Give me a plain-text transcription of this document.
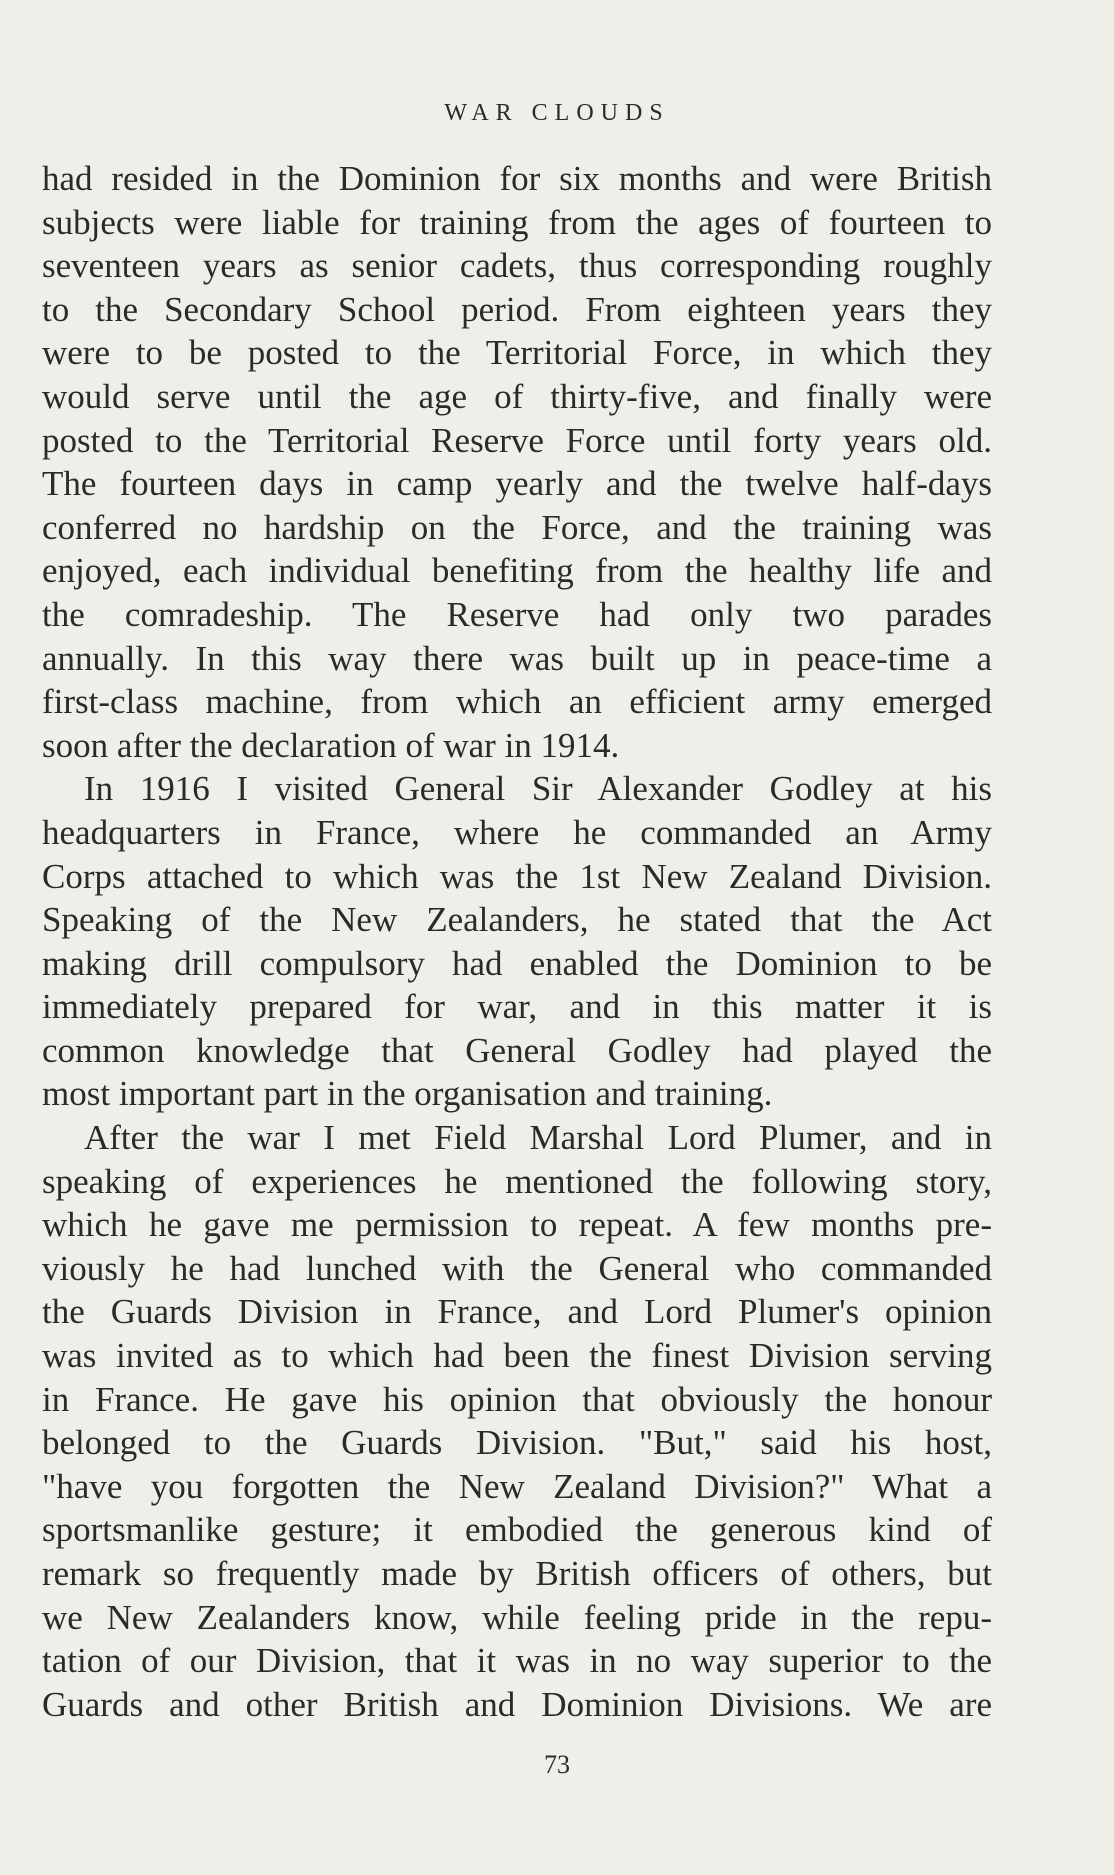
WAR CLOUDS
had resided in the Dominion for six months and were British
subjects were liable for training from the ages of fourteen to
seventeen years as senior cadets, thus corresponding roughly
to the Secondary School period. From eighteen years they
were to be posted to the Territorial Force, in which they
would serve until the age of thirty-five, and finally were
posted to the Territorial Reserve Force until forty years old.
The fourteen days in camp yearly and the twelve half-days
conferred no hardship on the Force, and the training was
enjoyed, each individual benefiting from the healthy life and
the comradeship. The Reserve had only two parades
annually. In this way there was built up in peace-time a
first-class machine, from which an efficient army emerged
soon after the declaration of war in 1914.
In 1916 I visited General Sir Alexander Godley at his
headquarters in France, where he commanded an Army
Corps attached to which was the 1st New Zealand Division.
Speaking of the New Zealanders, he stated that the Act
making drill compulsory had enabled the Dominion to be
immediately prepared for war, and in this matter it is
common knowledge that General Godley had played the
most important part in the organisation and training.
After the war I met Field Marshal Lord Plumer, and in
speaking of experiences he mentioned the following story,
which he gave me permission to repeat. A few months pre-
viously he had lunched with the General who commanded
the Guards Division in France, and Lord Plumer's opinion
was invited as to which had been the finest Division serving
in France. He gave his opinion that obviously the honour
belonged to the Guards Division. "But," said his host,
"have you forgotten the New Zealand Division?" What a
sportsmanlike gesture; it embodied the generous kind of
remark so frequently made by British officers of others, but
we New Zealanders know, while feeling pride in the repu-
tation of our Division, that it was in no way superior to the
Guards and other British and Dominion Divisions. We are
73
